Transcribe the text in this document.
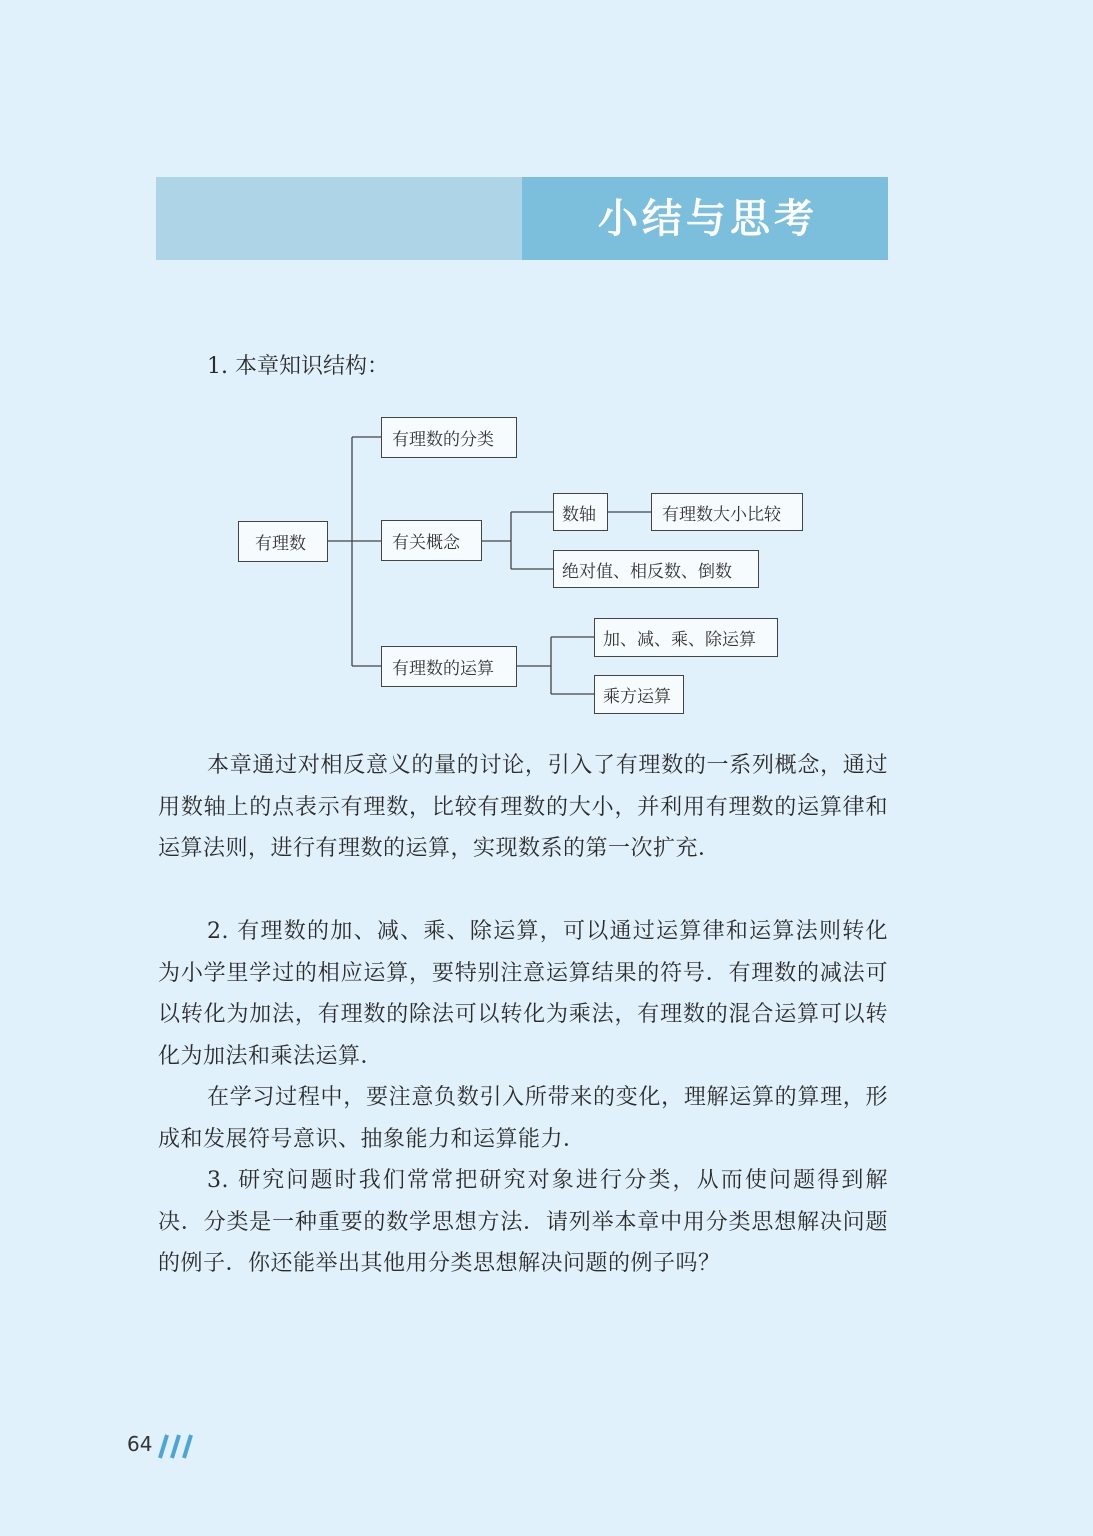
小结与思考
1. 本章知识结构：
有理数
有理数的分类
有关概念
数轴	有理数大小比较
绝对值、相反数、倒数
有理数的运算
加、减、乘、除运算
乘方运算
本章通过对相反意义的量的讨论，引入了有理数的一系列概念，通过用数轴上的点表示有理数，比较有理数的大小，并利用有理数的运算律和运算法则，进行有理数的运算，实现数系的第一次扩充．
2. 有理数的加、减、乘、除运算，可以通过运算律和运算法则转化为小学里学过的相应运算，要特别注意运算结果的符号．有理数的减法可以转化为加法，有理数的除法可以转化为乘法，有理数的混合运算可以转化为加法和乘法运算．
在学习过程中，要注意负数引入所带来的变化，理解运算的算理，形成和发展符号意识、抽象能力和运算能力．
3. 研究问题时我们常常把研究对象进行分类，从而使问题得到解决．分类是一种重要的数学思想方法．请列举本章中用分类思想解决问题的例子．你还能举出其他用分类思想解决问题的例子吗？
64
